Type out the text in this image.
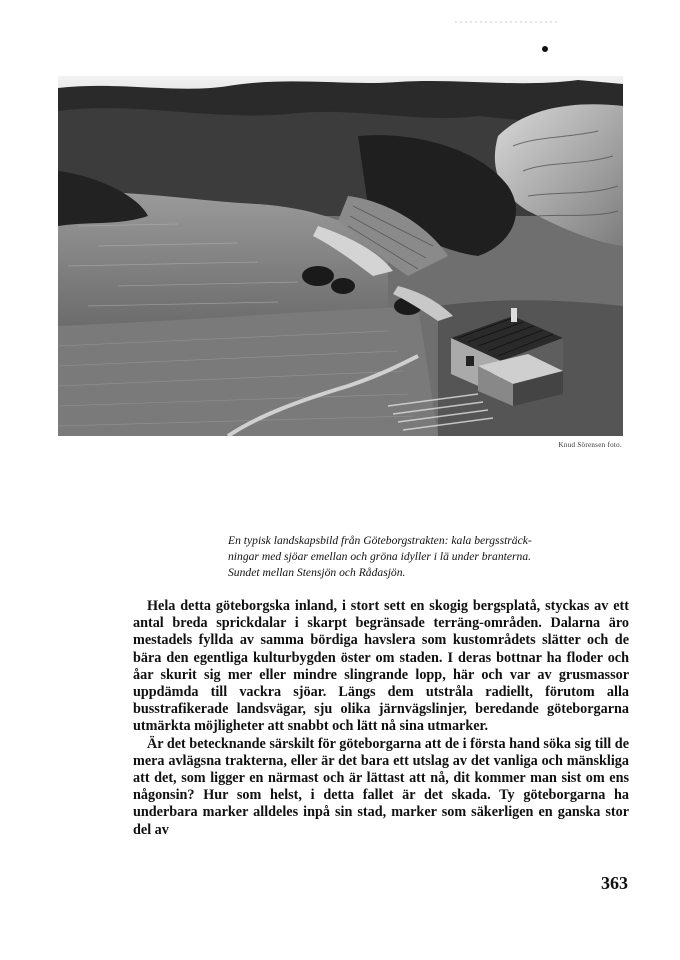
Knud Sörensen foto.

En typisk landskapsbild från Göteborgstrakten: kala bergssträck-

ningar med sjöar emellan och gröna idyller i lä under branterna.

Sundet mellan Stensjön och Rådasjön.

Hela detta göteborgska inland, i stort sett en skogig bergsplatå, styckas av ett antal breda sprickdalar i skarpt begränsade terräng-områden. Dalarna äro mestadels fyllda av samma bördiga havslera som kustområdets slätter och de bära den egentliga kulturbygden öster om staden. I deras bottnar ha floder och åar skurit sig mer eller mindre slingrande lopp, här och var av grusmassor uppdämda till vackra sjöar. Längs dem utstråla radiellt, förutom alla busstrafikerade landsvägar, sju olika järnvägslinjer, beredande göteborgarna utmärkta möjligheter att snabbt och lätt nå sina utmarker.

Är det betecknande särskilt för göteborgarna att de i första hand söka sig till de mera avlägsna trakterna, eller är det bara ett utslag av det vanliga och mänskliga att det, som ligger en närmast och är lättast att nå, dit kommer man sist om ens någonsin? Hur som helst, i detta fallet är det skada. Ty göteborgarna ha underbara marker alldeles inpå sin stad, marker som säkerligen en ganska stor del av

363
